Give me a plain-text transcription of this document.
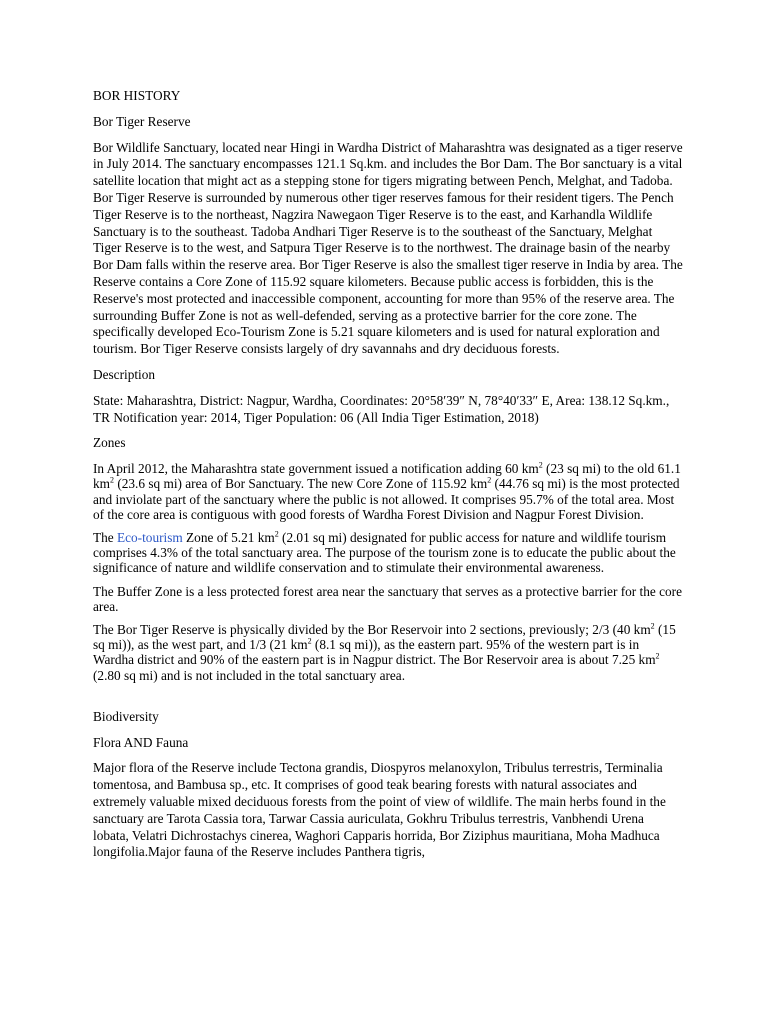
BOR HISTORY

Bor Tiger Reserve

Bor Wildlife Sanctuary, located near Hingi in Wardha District of Maharashtra was designated as a tiger reserve in July 2014. The sanctuary encompasses 121.1 Sq.km. and includes the Bor Dam. The Bor sanctuary is a vital satellite location that might act as a stepping stone for tigers migrating between Pench, Melghat, and Tadoba. Bor Tiger Reserve is surrounded by numerous other tiger reserves famous for their resident tigers. The Pench Tiger Reserve is to the northeast, Nagzira Nawegaon Tiger Reserve is to the east, and Karhandla Wildlife Sanctuary is to the southeast. Tadoba Andhari Tiger Reserve is to the southeast of the Sanctuary, Melghat Tiger Reserve is to the west, and Satpura Tiger Reserve is to the northwest. The drainage basin of the nearby Bor Dam falls within the reserve area. Bor Tiger Reserve is also the smallest tiger reserve in India by area. The Reserve contains a Core Zone of 115.92 square kilometers. Because public access is forbidden, this is the Reserve's most protected and inaccessible component, accounting for more than 95% of the reserve area. The surrounding Buffer Zone is not as well-defended, serving as a protective barrier for the core zone. The specifically developed Eco-Tourism Zone is 5.21 square kilometers and is used for natural exploration and tourism. Bor Tiger Reserve consists largely of dry savannahs and dry deciduous forests.

Description

State: Maharashtra, District: Nagpur, Wardha, Coordinates: 20°58′39″ N, 78°40′33″ E, Area: 138.12 Sq.km., TR Notification year: 2014, Tiger Population: 06 (All India Tiger Estimation, 2018)

Zones

In April 2012, the Maharashtra state government issued a notification adding 60 $km^2$ (23 sq mi) to the old 61.1 $km^2$ (23.6 sq mi) area of Bor Sanctuary. The new Core Zone of 115.92 $km^2$ (44.76 sq mi) is the most protected and inviolate part of the sanctuary where the public is not allowed. It comprises 95.7% of the total area. Most of the core area is contiguous with good forests of Wardha Forest Division and Nagpur Forest Division.

The Eco-tourism Zone of 5.21 $km^2$ (2.01 sq mi) designated for public access for nature and wildlife tourism comprises 4.3% of the total sanctuary area. The purpose of the tourism zone is to educate the public about the significance of nature and wildlife conservation and to stimulate their environmental awareness.

The Buffer Zone is a less protected forest area near the sanctuary that serves as a protective barrier for the core area.

The Bor Tiger Reserve is physically divided by the Bor Reservoir into 2 sections, previously; 2/3 (40 $km^2$ (15 sq mi)), as the west part, and 1/3 (21 $km^2$ (8.1 sq mi)), as the eastern part. 95% of the western part is in Wardha district and 90% of the eastern part is in Nagpur district. The Bor Reservoir area is about 7.25 $km^2$ (2.80 sq mi) and is not included in the total sanctuary area.

Biodiversity

Flora AND Fauna

Major flora of the Reserve include Tectona grandis, Diospyros melanoxylon, Tribulus terrestris, Terminalia tomentosa, and Bambusa sp., etc. It comprises of good teak bearing forests with natural associates and extremely valuable mixed deciduous forests from the point of view of wildlife. The main herbs found in the sanctuary are Tarota Cassia tora, Tarwar Cassia auriculata, Gokhru Tribulus terrestris, Vanbhendi Urena lobata, Velatri Dichrostachys cinerea, Waghori Capparis horrida, Bor Ziziphus mauritiana, Moha Madhuca longifolia.Major fauna of the Reserve includes Panthera tigris,
